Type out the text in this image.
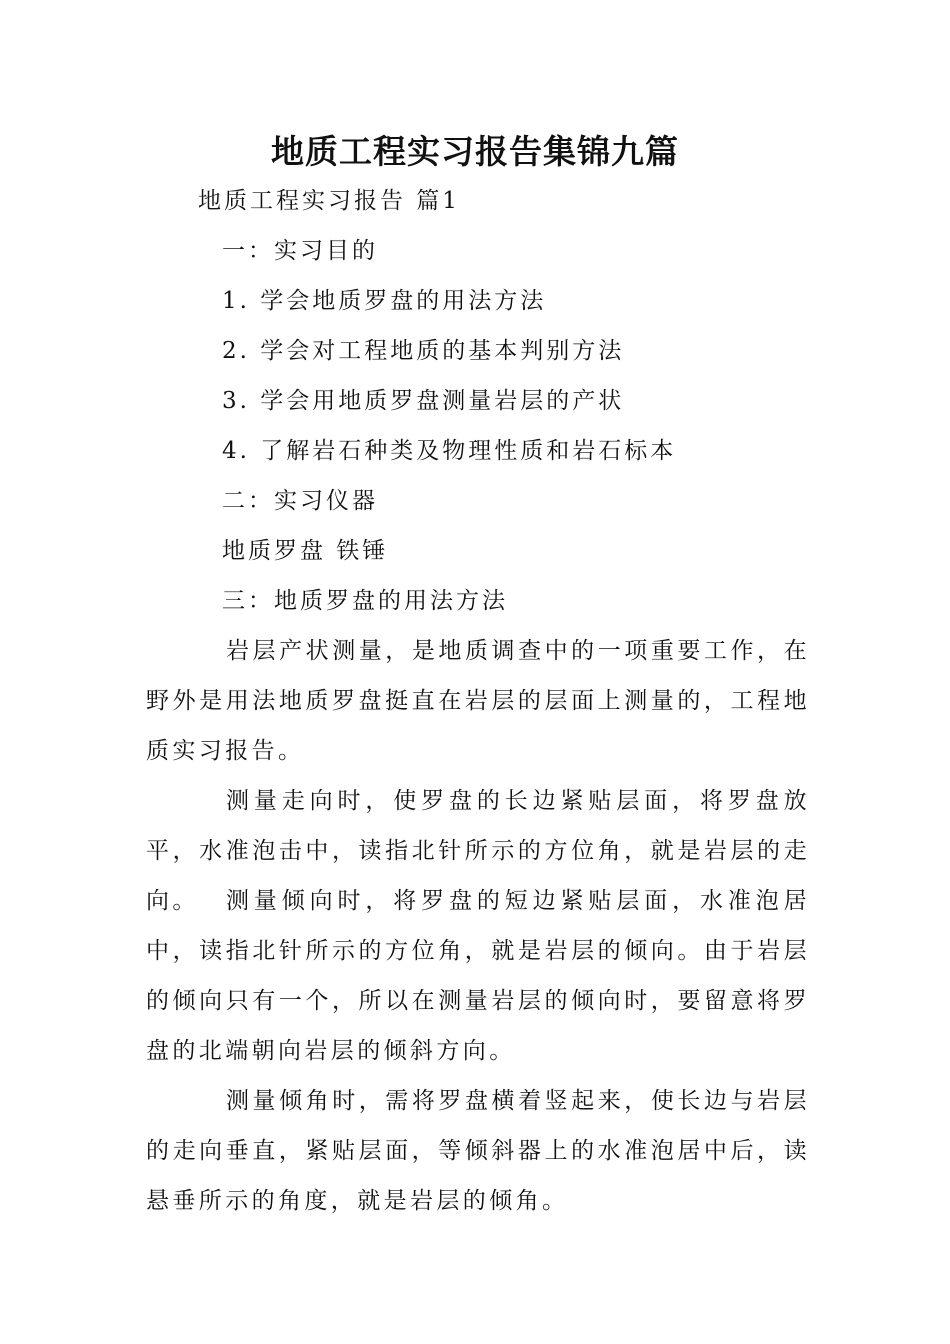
地质工程实习报告集锦九篇

地质工程实习报告 篇1

一：实习目的

1. 学会地质罗盘的用法方法

2. 学会对工程地质的基本判别方法

3. 学会用地质罗盘测量岩层的产状

4. 了解岩石种类及物理性质和岩石标本

二：实习仪器

地质罗盘 铁锤

三：地质罗盘的用法方法

岩层产状测量，是地质调查中的一项重要工作，在野外是用法地质罗盘挺直在岩层的层面上测量的，工程地质实习报告。

测量走向时，使罗盘的长边紧贴层面，将罗盘放平，水准泡击中，读指北针所示的方位角，就是岩层的走向。	测量倾向时，将罗盘的短边紧贴层面，水准泡居中，读指北针所示的方位角，就是岩层的倾向。由于岩层的倾向只有一个，所以在测量岩层的倾向时，要留意将罗盘的北端朝向岩层的倾斜方向。

测量倾角时，需将罗盘横着竖起来，使长边与岩层的走向垂直，紧贴层面，等倾斜器上的水准泡居中后，读悬垂所示的角度，就是岩层的倾角。
